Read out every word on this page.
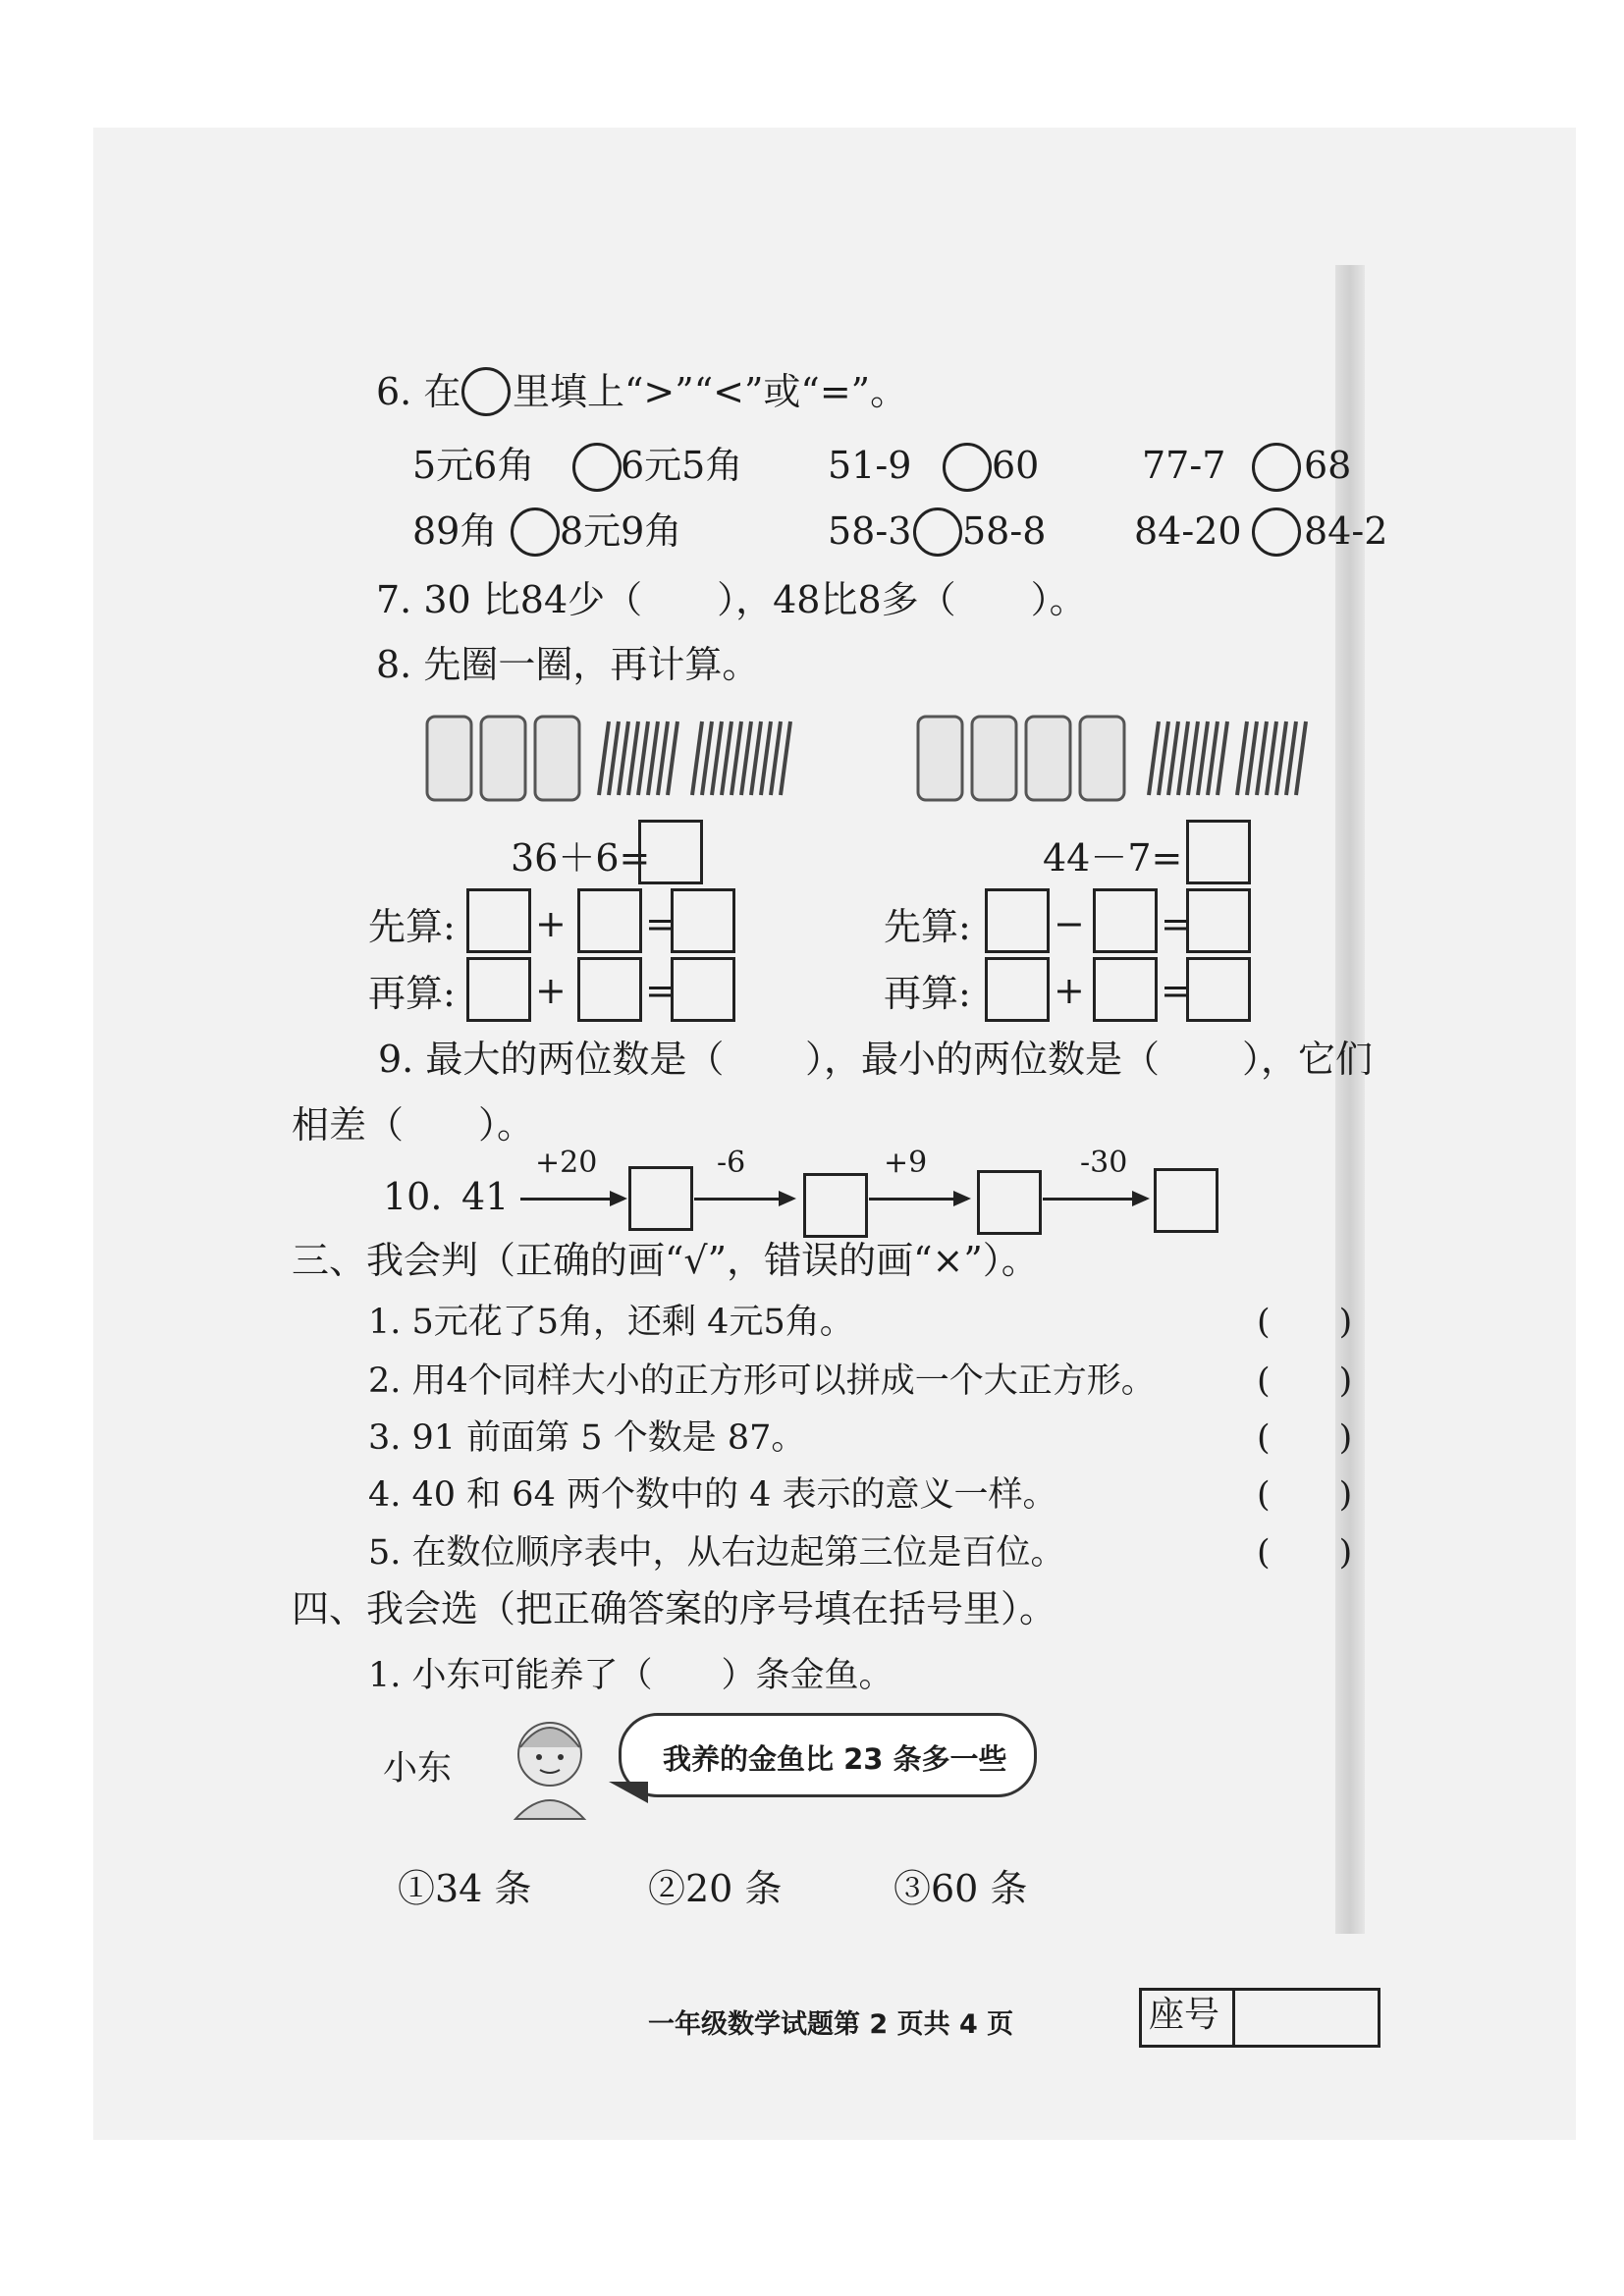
6. 在 里填上“>”“<”或“=”。
5元6角 6元5角 51-9 60	77-7 68
89角 8元9角	58-3 58-8 84-20 84-2
7. 30 比84少（　　），48比8多（　　）。
8. 先圈一圈，再计算。
36＋6=	44－7=
先算: + =	先算: − =
再算: + =	再算: + =
9. 最大的两位数是（ ），最小的两位数是（ ），它们
相差（　　）。
10. 41
+20	-6	+9	-30
三、我会判（正确的画“√”，错误的画“×”）。
1. 5元花了5角，还剩 4元5角。	(　　)
2. 用4个同样大小的正方形可以拼成一个大正方形。	(　　)
3. 91 前面第 5 个数是 87。	(　　)
4. 40 和 64 两个数中的 4 表示的意义一样。	(　　)
5. 在数位顺序表中，从右边起第三位是百位。	(　　)
四、我会选（把正确答案的序号填在括号里）。
1. 小东可能养了（　　）条金鱼。
小东	我养的金鱼比 23 条多一些
①34 条	②20 条	③60 条
一年级数学试题第 2 页共 4 页	座号
